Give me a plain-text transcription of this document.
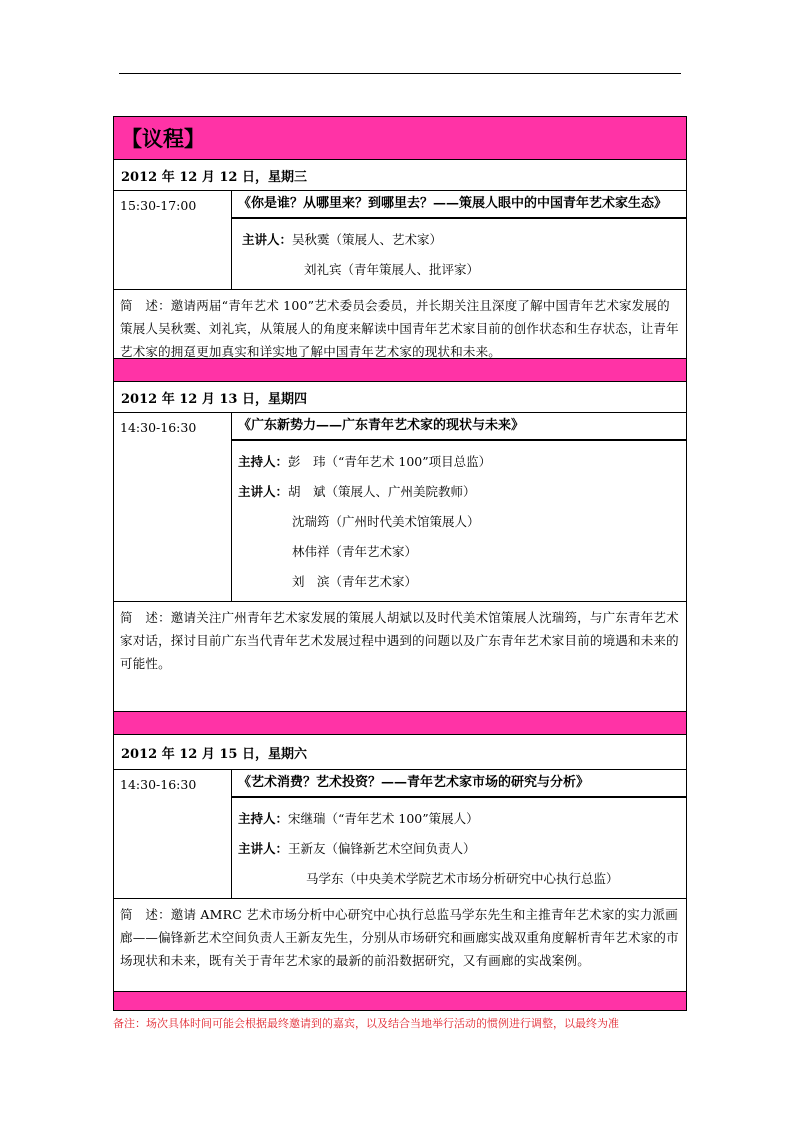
【议程】
2012 年 12 月 12 日，星期三
15:30-17:00	《你是谁？从哪里来？到哪里去？——策展人眼中的中国青年艺术家生态》
主讲人： 吴秋霙（策展人、艺术家）
刘礼宾（青年策展人、批评家）
简　述：邀请两届“青年艺术 100”艺术委员会委员，并长期关注且深度了解中国青年艺术家发展的策展人吴秋霙、刘礼宾，从策展人的角度来解读中国青年艺术家目前的创作状态和生存状态，让青年艺术家的拥趸更加真实和详实地了解中国青年艺术家的现状和未来。
2012 年 12 月 13 日，星期四
14:30-16:30	《广东新势力——广东青年艺术家的现状与未来》
主持人： 彭　玮（“青年艺术 100”项目总监）
主讲人： 胡　斌（策展人、广州美院教师）
沈瑞筠（广州时代美术馆策展人）
林伟祥（青年艺术家）
刘　滨（青年艺术家）
简　述：邀请关注广州青年艺术家发展的策展人胡斌以及时代美术馆策展人沈瑞筠，与广东青年艺术家对话，探讨目前广东当代青年艺术发展过程中遇到的问题以及广东青年艺术家目前的境遇和未来的可能性。
2012 年 12 月 15 日，星期六
14:30-16:30	《艺术消费？艺术投资？——青年艺术家市场的研究与分析》
主持人： 宋继瑞（“青年艺术 100”策展人）
主讲人： 王新友（偏锋新艺术空间负责人）
马学东（中央美术学院艺术市场分析研究中心执行总监）
简　述：邀请 AMRC 艺术市场分析中心研究中心执行总监马学东先生和主推青年艺术家的实力派画廊——偏锋新艺术空间负责人王新友先生，分别从市场研究和画廊实战双重角度解析青年艺术家的市场现状和未来，既有关于青年艺术家的最新的前沿数据研究，又有画廊的实战案例。
备注：场次具体时间可能会根据最终邀请到的嘉宾，以及结合当地举行活动的惯例进行调整，以最终为准
